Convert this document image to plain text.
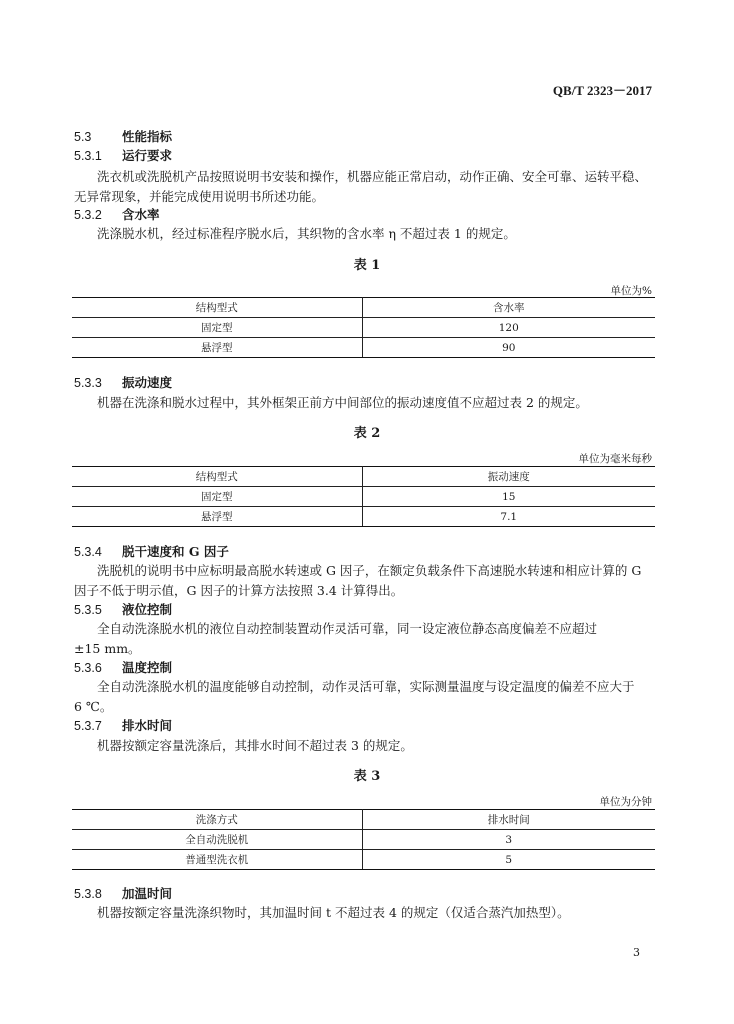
QB/T 2323－2017
5.3 性能指标
5.3.1 运行要求
洗衣机或洗脱机产品按照说明书安装和操作，机器应能正常启动，动作正确、安全可靠、运转平稳、
无异常现象，并能完成使用说明书所述功能。
5.3.2 含水率
洗涤脱水机，经过标准程序脱水后，其织物的含水率 η 不超过表 1 的规定。
表 1
单位为%
结构型式	含水率
固定型	120
悬浮型	90
5.3.3 振动速度
机器在洗涤和脱水过程中，其外框架正前方中间部位的振动速度值不应超过表 2 的规定。
表 2
单位为毫米每秒
结构型式	振动速度
固定型	15
悬浮型	7.1
5.3.4 脱干速度和 G 因子
洗脱机的说明书中应标明最高脱水转速或 G 因子，在额定负载条件下高速脱水转速和相应计算的 G
因子不低于明示值，G 因子的计算方法按照 3.4 计算得出。
5.3.5 液位控制
全自动洗涤脱水机的液位自动控制装置动作灵活可靠，同一设定液位静态高度偏差不应超过
±15 mm。
5.3.6 温度控制
全自动洗涤脱水机的温度能够自动控制，动作灵活可靠，实际测量温度与设定温度的偏差不应大于
6 ℃。
5.3.7 排水时间
机器按额定容量洗涤后，其排水时间不超过表 3 的规定。
表 3
单位为分钟
洗涤方式	排水时间
全自动洗脱机	3
普通型洗衣机	5
5.3.8 加温时间
机器按额定容量洗涤织物时，其加温时间 t 不超过表 4 的规定（仅适合蒸汽加热型）。
3
